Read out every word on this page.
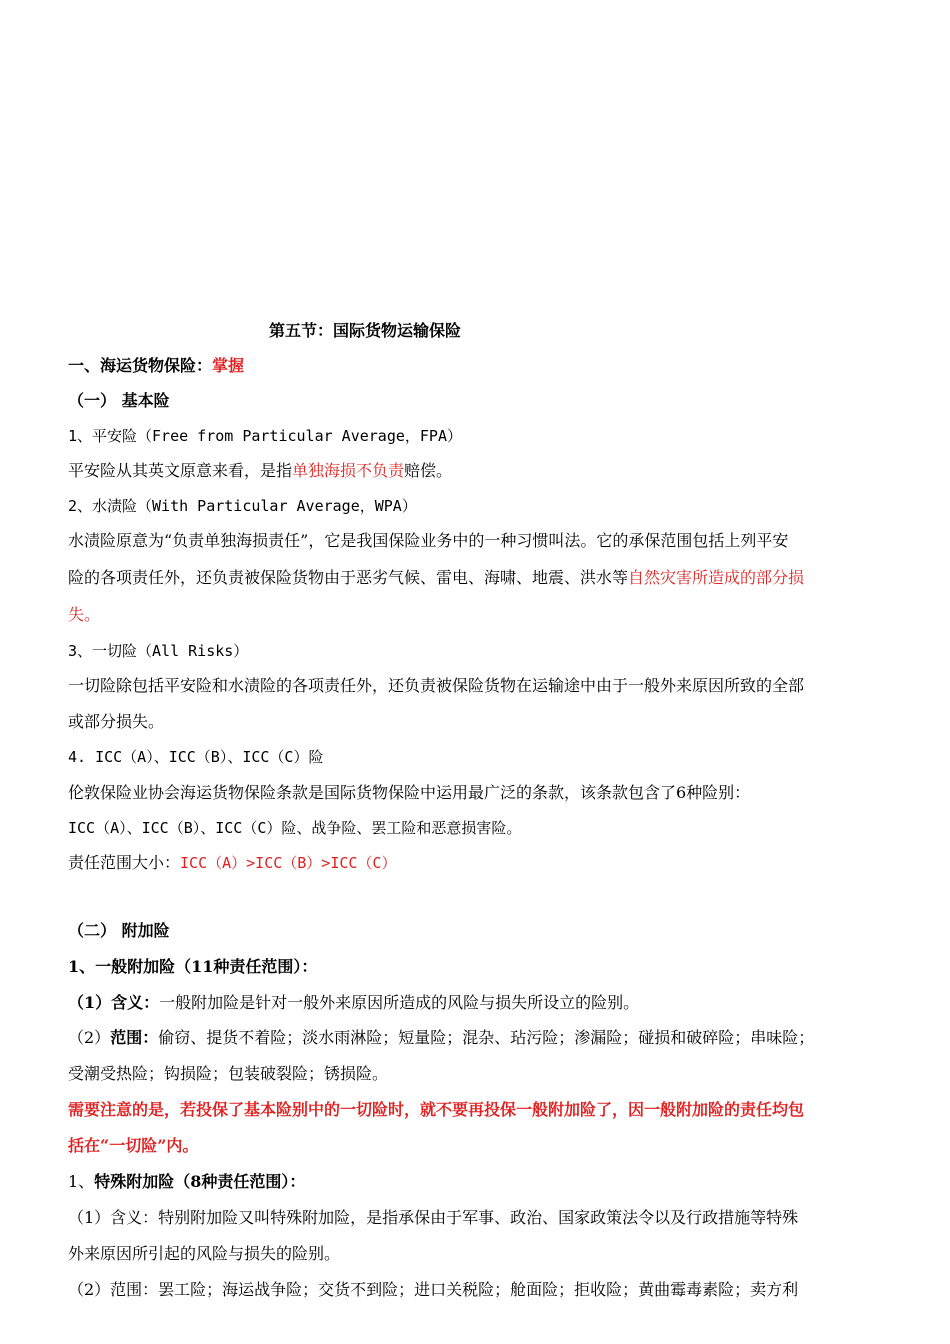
第五节：国际货物运输保险
一、海运货物保险：掌握
（一） 基本险
1、平安险（Free from Particular Average，FPA）
平安险从其英文原意来看，是指单独海损不负责赔偿。
2、水渍险（With Particular Average，WPA）
水渍险原意为“负责单独海损责任”，它是我国保险业务中的一种习惯叫法。它的承保范围包括上列平安
险的各项责任外，还负责被保险货物由于恶劣气候、雷电、海啸、地震、洪水等自然灾害所造成的部分损
失。
3、一切险（All Risks）
一切险除包括平安险和水渍险的各项责任外，还负责被保险货物在运输途中由于一般外来原因所致的全部
或部分损失。
4. ICC（A）、ICC（B）、ICC（C）险
伦敦保险业协会海运货物保险条款是国际货物保险中运用最广泛的条款，该条款包含了6种险别：
ICC（A）、ICC（B）、ICC（C）险、战争险、罢工险和恶意损害险。
责任范围大小：ICC（A）>ICC（B）>ICC（C）
（二） 附加险
1、一般附加险（11种责任范围）：
（1）含义：一般附加险是针对一般外来原因所造成的风险与损失所设立的险别。
（2）范围：偷窃、提货不着险；淡水雨淋险；短量险；混杂、玷污险；渗漏险；碰损和破碎险；串味险；
受潮受热险；钩损险；包装破裂险；锈损险。
需要注意的是，若投保了基本险别中的一切险时，就不要再投保一般附加险了，因一般附加险的责任均包
括在“一切险”内。
1、特殊附加险（8种责任范围）：
（1）含义：特别附加险又叫特殊附加险，是指承保由于军事、政治、国家政策法令以及行政措施等特殊
外来原因所引起的风险与损失的险别。
（2）范围：罢工险；海运战争险；交货不到险；进口关税险；舱面险；拒收险；黄曲霉毒素险；卖方利
